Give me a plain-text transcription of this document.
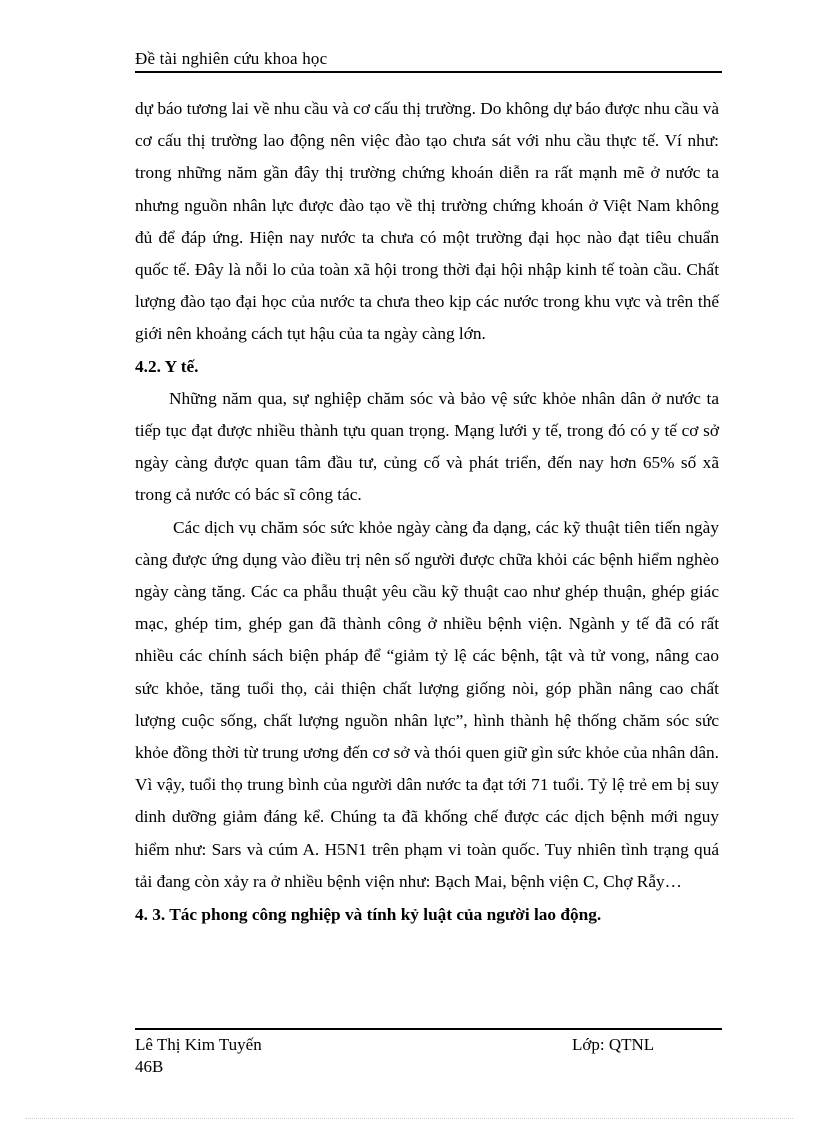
Đề tài nghiên cứu khoa học

dự báo tương lai về nhu cầu và cơ cấu thị trường. Do không dự báo được nhu cầu và cơ cấu thị trường lao động nên việc đào tạo chưa sát với nhu cầu thực tế. Ví như: trong những năm gần đây thị trường chứng khoán diễn ra rất mạnh mẽ ở nước ta nhưng nguồn nhân lực được đào tạo về thị trường chứng khoán ở Việt Nam không đủ để đáp ứng. Hiện nay nước ta chưa có một trường đại học nào đạt tiêu chuẩn quốc tế. Đây là nỗi lo của toàn xã hội trong thời đại hội nhập kinh tế toàn cầu. Chất lượng đào tạo đại học của nước ta chưa theo kịp các nước trong khu vực và trên thế giới nên khoảng cách tụt hậu của ta ngày càng lớn.

4.2. Y tế.

Những năm qua, sự nghiệp chăm sóc và bảo vệ sức khỏe nhân dân ở nước ta tiếp tục đạt được nhiều thành tựu quan trọng. Mạng lưới y tế, trong đó có y tế cơ sở ngày càng được quan tâm đầu tư, củng cố và phát triển, đến nay hơn 65% số xã trong cả nước có bác sĩ công tác.

Các dịch vụ chăm sóc sức khỏe ngày càng đa dạng, các kỹ thuật tiên tiến ngày càng được ứng dụng vào điều trị nên số người được chữa khỏi các bệnh hiểm nghèo ngày càng tăng. Các ca phẫu thuật yêu cầu kỹ thuật cao như ghép thuận, ghép giác mạc, ghép tim, ghép gan đã thành công ở nhiều bệnh viện. Ngành y tế đã có rất nhiều các chính sách biện pháp để “giảm tỷ lệ các bệnh, tật và tử vong, nâng cao sức khỏe, tăng tuổi thọ, cải thiện chất lượng giống nòi, góp phần nâng cao chất lượng cuộc sống, chất lượng nguồn nhân lực”, hình thành hệ thống chăm sóc sức khỏe đồng thời từ trung ương đến cơ sở và thói quen giữ gìn sức khỏe của nhân dân. Vì vậy, tuổi thọ trung bình của người dân nước ta đạt tới 71 tuổi. Tỷ lệ trẻ em bị suy dinh dưỡng giảm đáng kể. Chúng ta đã khống chế được các dịch bệnh mới nguy hiểm như: Sars và cúm A. H5N1 trên phạm vi toàn quốc. Tuy nhiên tình trạng quá tải đang còn xảy ra ở nhiều bệnh viện như: Bạch Mai, bệnh viện C, Chợ Rẫy…

4. 3. Tác phong công nghiệp và tính kỷ luật của người lao động.
Lê Thị Kim Tuyến	Lớp: QTNL
46B
